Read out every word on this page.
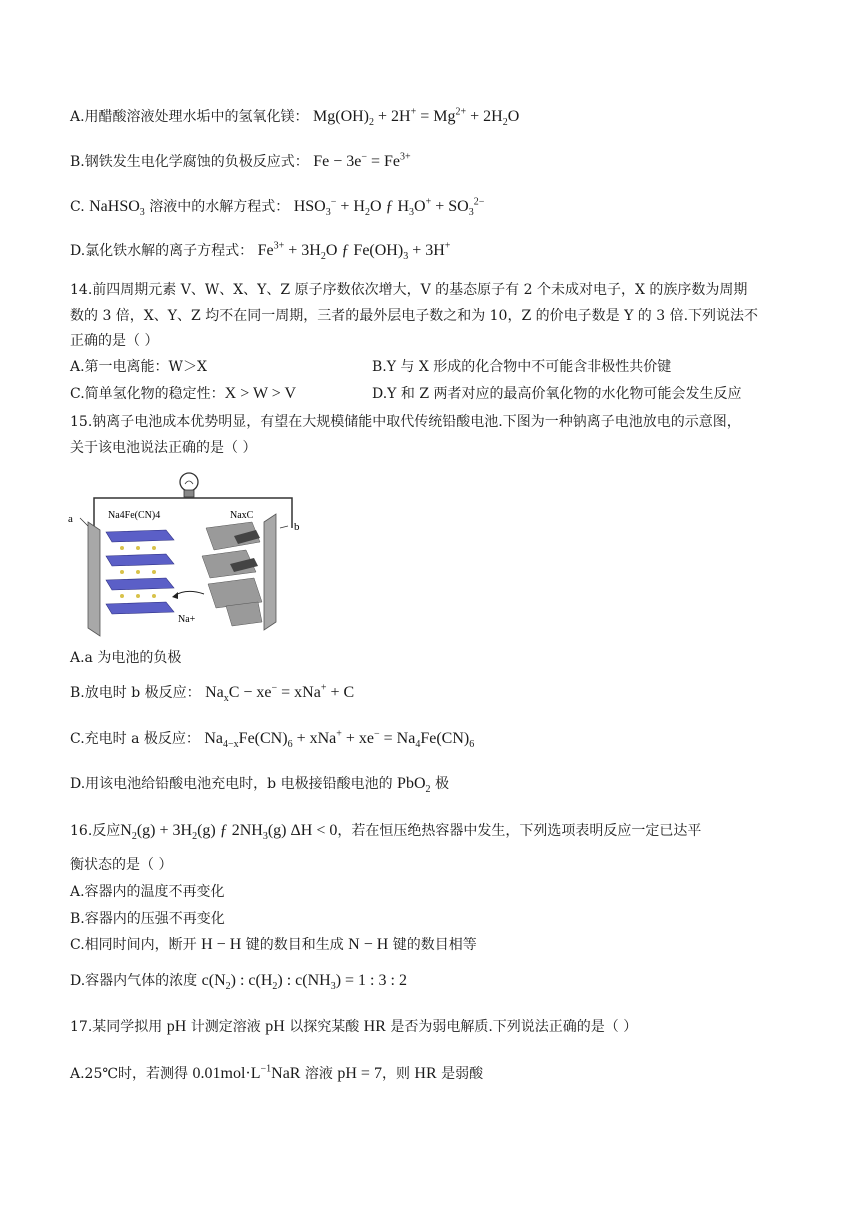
A.用醋酸溶液处理水垢中的氢氧化镁： $Mg(OH)_2 + 2H^+ = Mg^{2+} + 2H_2O$
B.钢铁发生电化学腐蚀的负极反应式： $Fe - 3e^- = Fe^{3+}$
C. NaHSO$_3$ 溶液中的水解方程式： $HSO_3^- + H_2O$ ƒ $H_3O^+ + SO_3^{2-}$
D.氯化铁水解的离子方程式： $Fe^{3+} + 3H_2O$ ƒ $Fe(OH)_3 + 3H^+$
14.前四周期元素 V、W、X、Y、Z 原子序数依次增大，V 的基态原子有 2 个未成对电子，X 的族序数为周期
数的 3 倍，X、Y、Z 均不在同一周期，三者的最外层电子数之和为 10，Z 的价电子数是 Y 的 3 倍.下列说法不
正确的是（ ）
A.第一电离能：W＞X	B.Y 与 X 形成的化合物中不可能含非极性共价键
C.简单氢化物的稳定性：X > W > V	D.Y 和 Z 两者对应的最高价氧化物的水化物可能会发生反应
15.钠离子电池成本优势明显，有望在大规模储能中取代传统铅酸电池.下图为一种钠离子电池放电的示意图，
关于该电池说法正确的是（ ）
a
b
Na4Fe(CN)4	NaxC
Na+
A.a 为电池的负极
B.放电时 b 极反应： $Na_xC - xe^- = xNa^+ + C$
C.充电时 a 极反应： $Na_{4-x}Fe(CN)_6 + xNa^+ + xe^- = Na_4Fe(CN)_6$
D.用该电池给铅酸电池充电时，b 电极接铅酸电池的 PbO$_2$ 极
16.反应$N_2(g) + 3H_2(g)$ ƒ $2NH_3(g) \Delta H < 0$，若在恒压绝热容器中发生，下列选项表明反应一定已达平
衡状态的是（ ）
A.容器内的温度不再变化
B.容器内的压强不再变化
C.相同时间内，断开 H − H 键的数目和生成 N − H 键的数目相等
D.容器内气体的浓度 $c(N_2)$ : $c(H_2)$ : $c(NH_3) = 1$ : 3 : 2
17.某同学拟用 pH 计测定溶液 pH 以探究某酸 HR 是否为弱电解质.下列说法正确的是（ ）
A.25℃时，若测得 $0.01mol\cdot L^{-1}NaR$ 溶液 pH = 7，则 HR 是弱酸
